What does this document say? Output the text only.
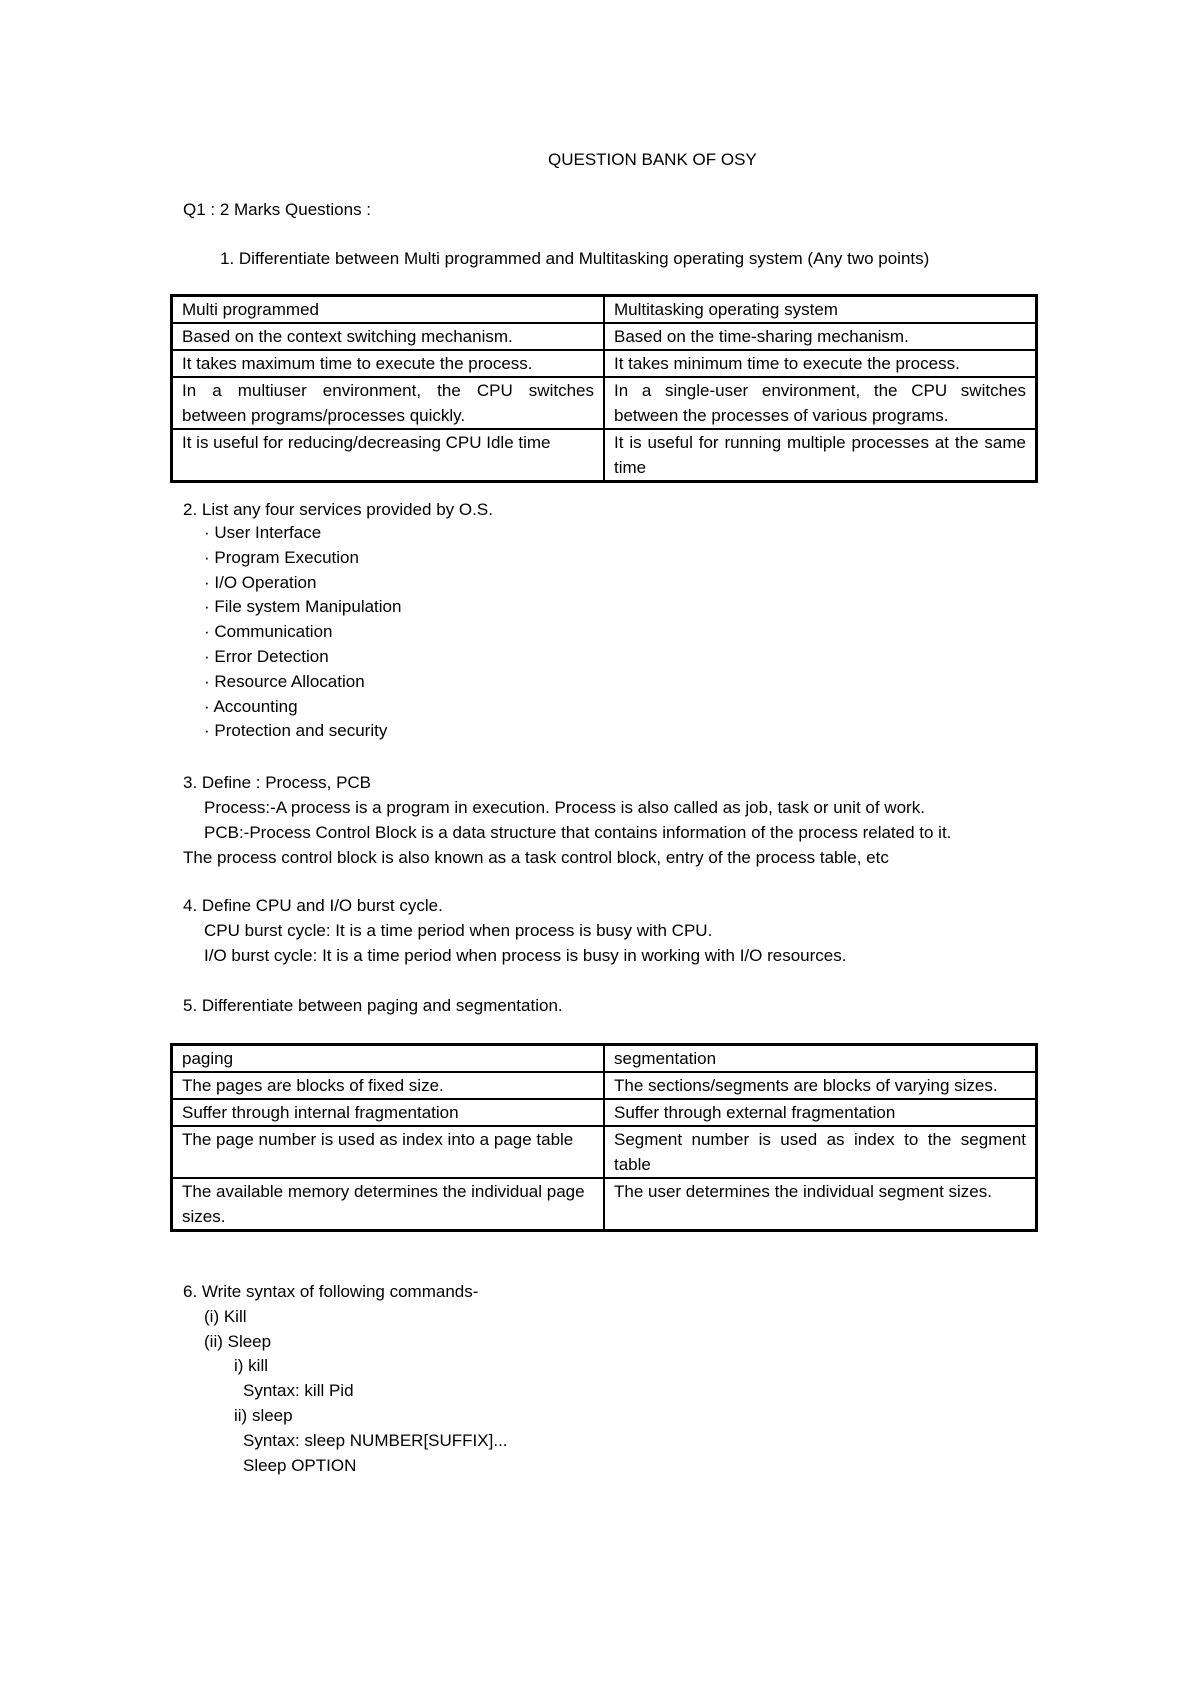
QUESTION BANK OF OSY

Q1 : 2 Marks Questions :

1. Differentiate between Multi programmed and Multitasking operating system (Any two points)

Multi programmed	Multitasking operating system
Based on the context switching mechanism.	Based on the time-sharing mechanism.
It takes maximum time to execute the process.	It takes minimum time to execute the process.
In a multiuser environment, the CPU switches between programs/processes quickly.	In a single-user environment, the CPU switches between the processes of various programs.
It is useful for reducing/decreasing CPU Idle time	It is useful for running multiple processes at the same time

2. List any four services provided by O.S.

· User Interface
· Program Execution
· I/O Operation
· File system Manipulation
· Communication
· Error Detection
· Resource Allocation
· Accounting
· Protection and security

3. Define : Process, PCB

Process:-A process is a program in execution. Process is also called as job, task or unit of work.

PCB:-Process Control Block is a data structure that contains information of the process related to it.

The process control block is also known as a task control block, entry of the process table, etc

4. Define CPU and I/O burst cycle.

CPU burst cycle: It is a time period when process is busy with CPU.

I/O burst cycle: It is a time period when process is busy in working with I/O resources.

5. Differentiate between paging and segmentation.

paging	segmentation
The pages are blocks of fixed size.	The sections/segments are blocks of varying sizes.
Suffer through internal fragmentation	Suffer through external fragmentation
The page number is used as index into a page table	Segment number is used as index to the segment table
The available memory determines the individual page sizes.	The user determines the individual segment sizes.

6. Write syntax of following commands-

(i) Kill

(ii) Sleep

i) kill

Syntax: kill Pid

ii) sleep

Syntax: sleep NUMBER[SUFFIX]...

Sleep OPTION
